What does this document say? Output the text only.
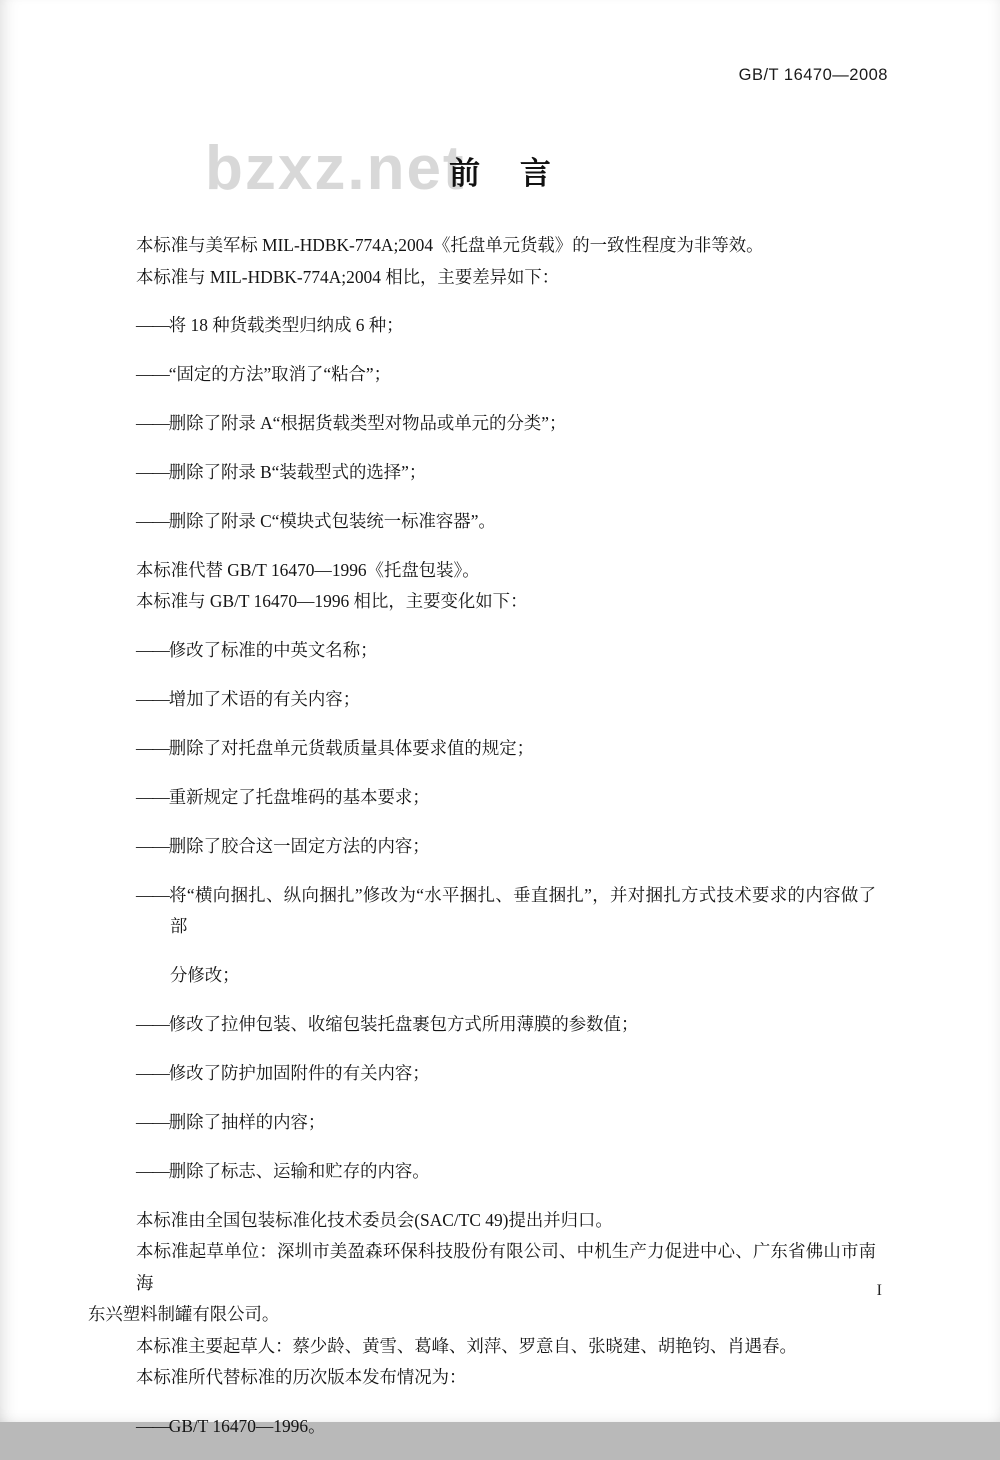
GB/T 16470—2008
bzxz.net
前 言

本标准与美军标 MIL-HDBK-774A;2004《托盘单元货载》的一致性程度为非等效。

本标准与 MIL-HDBK-774A;2004 相比，主要差异如下：

——将 18 种货载类型归纳成 6 种；

——“固定的方法”取消了“粘合”；

——删除了附录 A“根据货载类型对物品或单元的分类”；

——删除了附录 B“装载型式的选择”；

——删除了附录 C“模块式包装统一标准容器”。

本标准代替 GB/T 16470—1996《托盘包装》。

本标准与 GB/T 16470—1996 相比，主要变化如下：

——修改了标准的中英文名称；

——增加了术语的有关内容；

——删除了对托盘单元货载质量具体要求值的规定；

——重新规定了托盘堆码的基本要求；

——删除了胶合这一固定方法的内容；

——将“横向捆扎、纵向捆扎”修改为“水平捆扎、垂直捆扎”，并对捆扎方式技术要求的内容做了部

分修改；

——修改了拉伸包装、收缩包装托盘裹包方式所用薄膜的参数值；

——修改了防护加固附件的有关内容；

——删除了抽样的内容；

——删除了标志、运输和贮存的内容。

本标准由全国包装标准化技术委员会(SAC/TC 49)提出并归口。

本标准起草单位：深圳市美盈森环保科技股份有限公司、中机生产力促进中心、广东省佛山市南海

东兴塑料制罐有限公司。

本标准主要起草人：蔡少龄、黄雪、葛峰、刘萍、罗意自、张晓建、胡艳钧、肖遇春。

本标准所代替标准的历次版本发布情况为：

——GB/T 16470—1996。

I
